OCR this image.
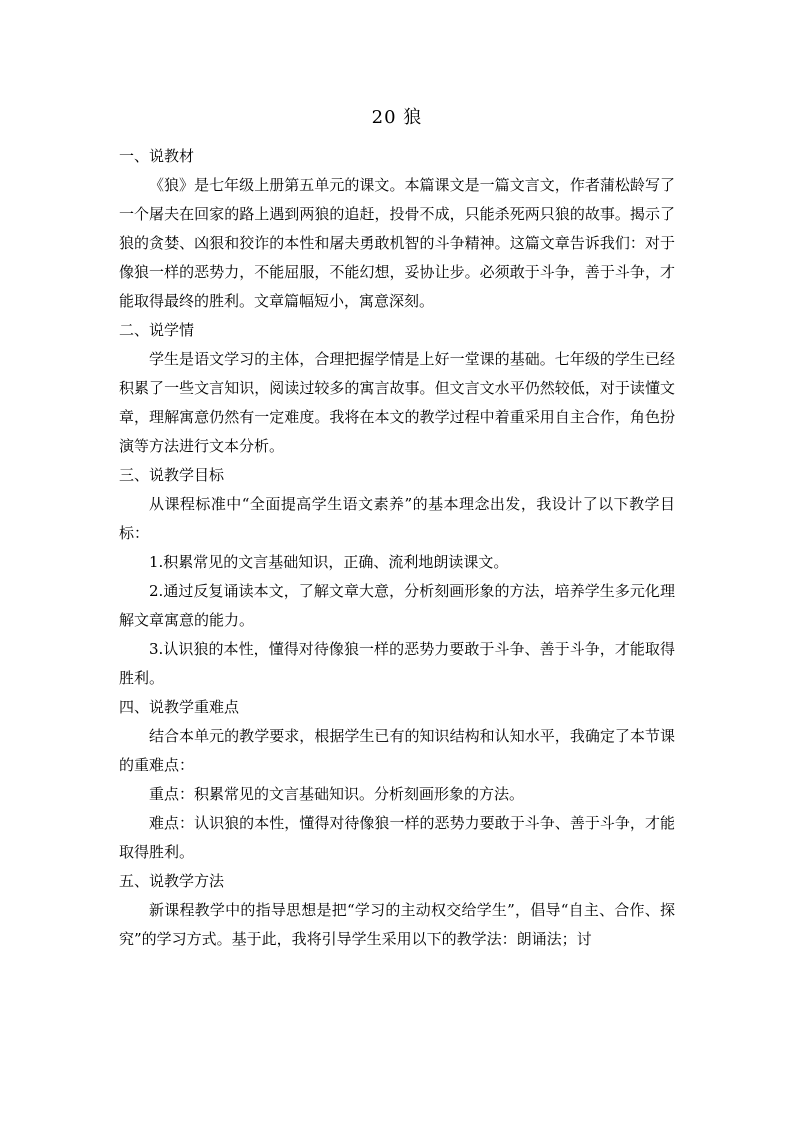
20 狼
一、说教材

《狼》是七年级上册第五单元的课文。本篇课文是一篇文言文，作者蒲松龄写了一个屠夫在回家的路上遇到两狼的追赶，投骨不成，只能杀死两只狼的故事。揭示了狼的贪婪、凶狠和狡诈的本性和屠夫勇敢机智的斗争精神。这篇文章告诉我们：对于像狼一样的恶势力，不能屈服，不能幻想，妥协让步。必须敢于斗争，善于斗争，才能取得最终的胜利。文章篇幅短小，寓意深刻。

二、说学情

学生是语文学习的主体，合理把握学情是上好一堂课的基础。七年级的学生已经积累了一些文言知识，阅读过较多的寓言故事。但文言文水平仍然较低，对于读懂文章，理解寓意仍然有一定难度。我将在本文的教学过程中着重采用自主合作，角色扮演等方法进行文本分析。

三、说教学目标

从课程标准中“全面提高学生语文素养”的基本理念出发，我设计了以下教学目标：

1.积累常见的文言基础知识，正确、流利地朗读课文。

2.通过反复诵读本文，了解文章大意，分析刻画形象的方法，培养学生多元化理解文章寓意的能力。

3.认识狼的本性，懂得对待像狼一样的恶势力要敢于斗争、善于斗争，才能取得胜利。

四、说教学重难点

结合本单元的教学要求，根据学生已有的知识结构和认知水平，我确定了本节课的重难点：

重点：积累常见的文言基础知识。分析刻画形象的方法。

难点：认识狼的本性，懂得对待像狼一样的恶势力要敢于斗争、善于斗争，才能取得胜利。

五、说教学方法

新课程教学中的指导思想是把“学习的主动权交给学生”，倡导“自主、合作、探究”的学习方式。基于此，我将引导学生采用以下的教学法：朗诵法；讨
